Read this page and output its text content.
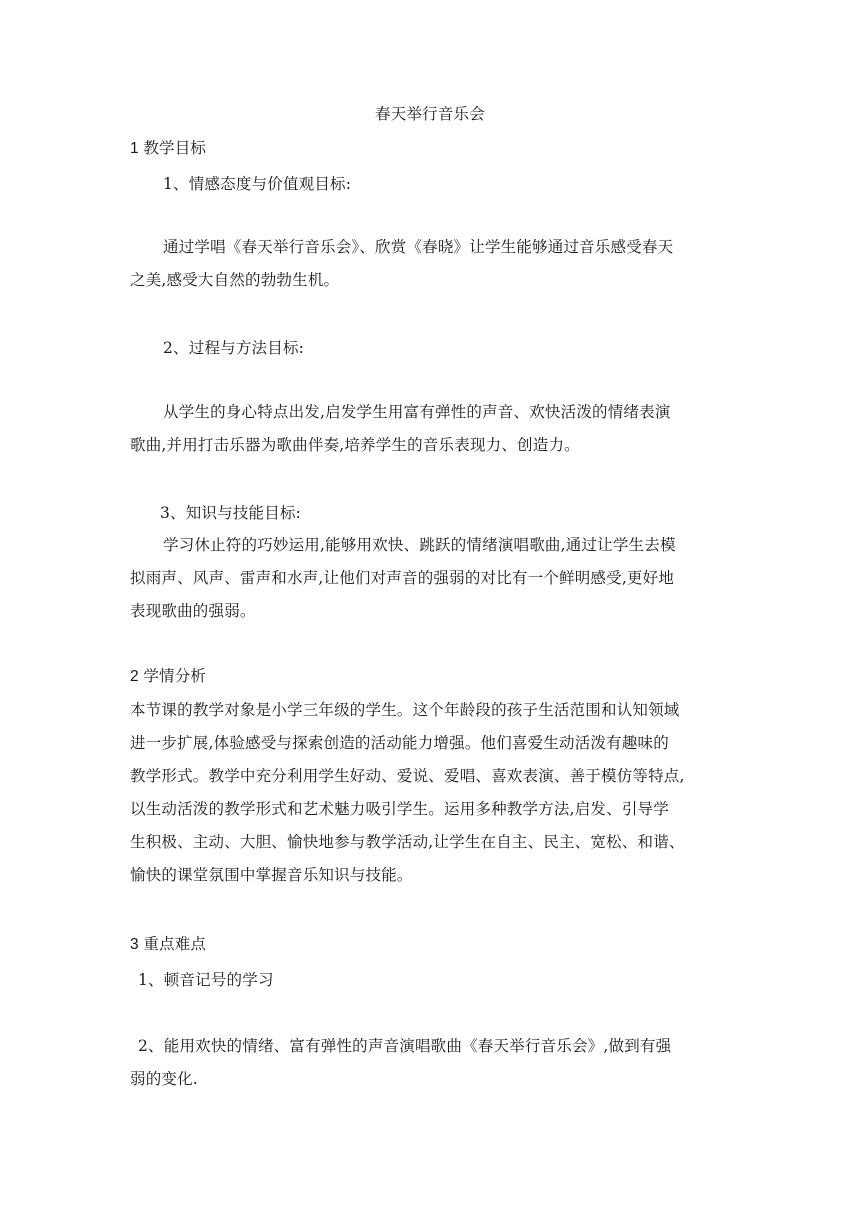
春天举行音乐会
1 教学目标
1、情感态度与价值观目标:
通过学唱《春天举行音乐会》、欣赏《春晓》让学生能够通过音乐感受春天
之美,感受大自然的勃勃生机。
2、过程与方法目标:
从学生的身心特点出发,启发学生用富有弹性的声音、欢快活泼的情绪表演
歌曲,并用打击乐器为歌曲伴奏,培养学生的音乐表现力、创造力。
3、知识与技能目标:
学习休止符的巧妙运用,能够用欢快、跳跃的情绪演唱歌曲,通过让学生去模
拟雨声、风声、雷声和水声,让他们对声音的强弱的对比有一个鲜明感受,更好地
表现歌曲的强弱。
2 学情分析
本节课的教学对象是小学三年级的学生。这个年龄段的孩子生活范围和认知领域
进一步扩展,体验感受与探索创造的活动能力增强。他们喜爱生动活泼有趣味的
教学形式。教学中充分利用学生好动、爱说、爱唱、喜欢表演、善于模仿等特点,
以生动活泼的教学形式和艺术魅力吸引学生。运用多种教学方法,启发、引导学
生积极、主动、大胆、愉快地参与教学活动,让学生在自主、民主、宽松、和谐、
愉快的课堂氛围中掌握音乐知识与技能。
3 重点难点
1、顿音记号的学习
2、能用欢快的情绪、富有弹性的声音演唱歌曲《春天举行音乐会》,做到有强
弱的变化.
